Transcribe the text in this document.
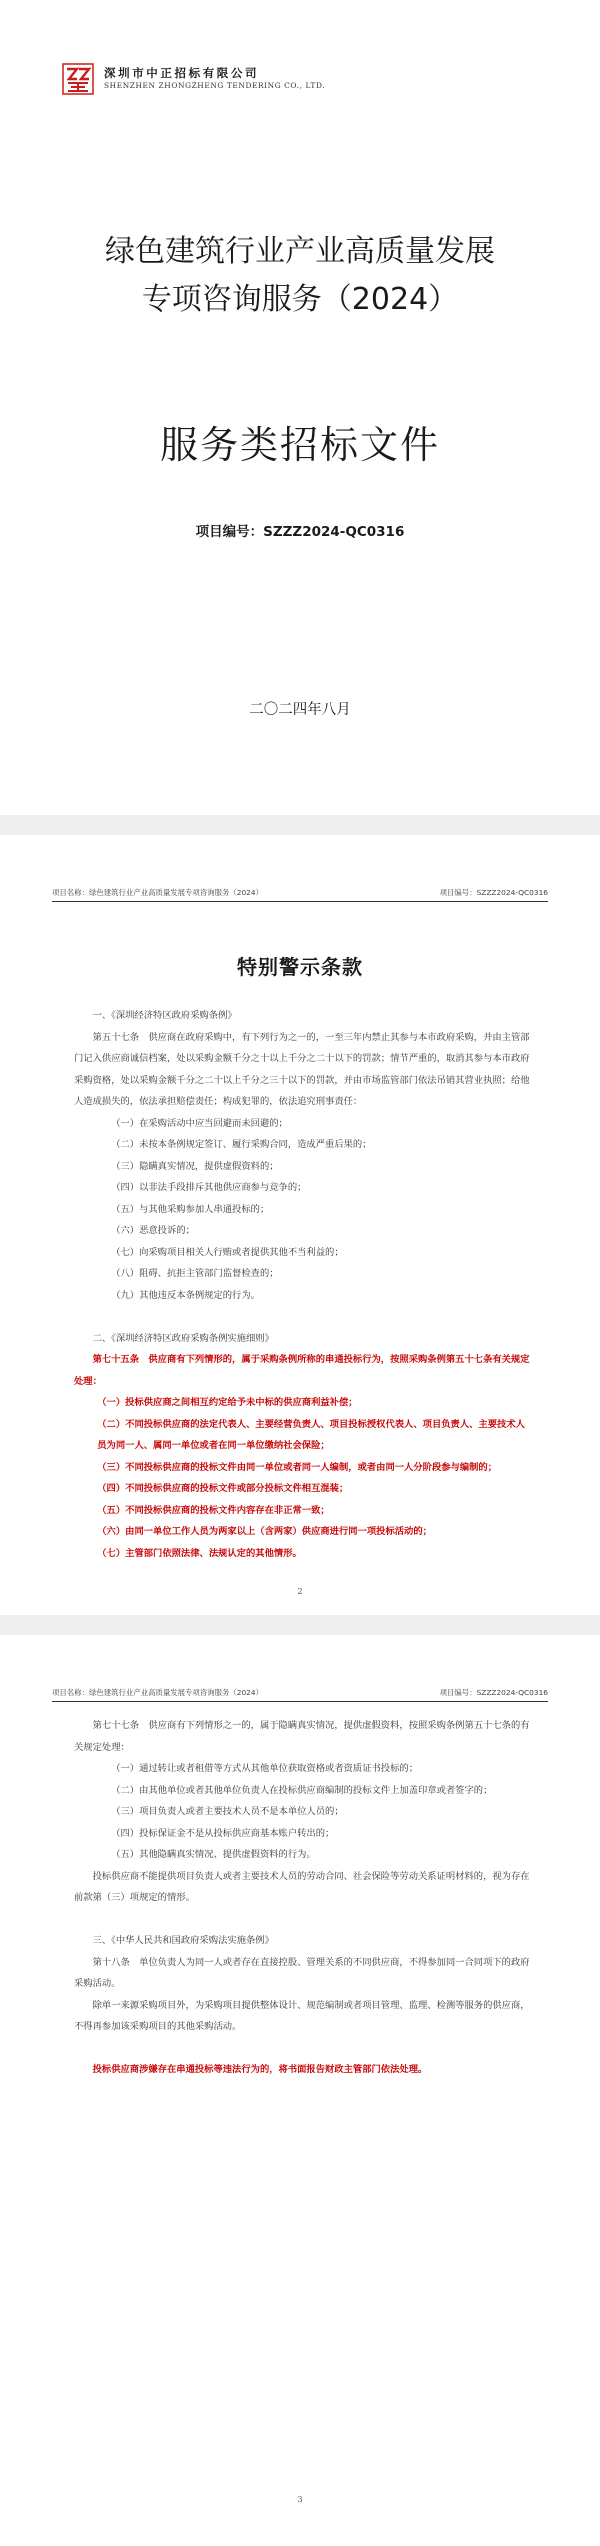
深圳市中正招标有限公司
SHENZHEN ZHONGZHENG TENDERING CO., LTD.
绿色建筑行业产业高质量发展
专项咨询服务（2024）
服务类招标文件
项目编号：SZZZ2024-QC0316
二〇二四年八月
项目名称：绿色建筑行业产业高质量发展专项咨询服务（2024）	项目编号：SZZZ2024-QC0316
特别警示条款

一、《深圳经济特区政府采购条例》

第五十七条　供应商在政府采购中，有下列行为之一的，一至三年内禁止其参与本市政府采购，并由主管部门记入供应商诚信档案，处以采购金额千分之十以上千分之二十以下的罚款；情节严重的，取消其参与本市政府采购资格，处以采购金额千分之二十以上千分之三十以下的罚款，并由市场监管部门依法吊销其营业执照；给他人造成损失的，依法承担赔偿责任；构成犯罪的，依法追究刑事责任：

（一）在采购活动中应当回避而未回避的；

（二）未按本条例规定签订、履行采购合同，造成严重后果的；

（三）隐瞒真实情况，提供虚假资料的；

（四）以非法手段排斥其他供应商参与竞争的；

（五）与其他采购参加人串通投标的；

（六）恶意投诉的；

（七）向采购项目相关人行贿或者提供其他不当利益的；

（八）阻碍、抗拒主管部门监督检查的；

（九）其他违反本条例规定的行为。

二、《深圳经济特区政府采购条例实施细则》

第七十五条　供应商有下列情形的，属于采购条例所称的串通投标行为，按照采购条例第五十七条有关规定处理：

（一）投标供应商之间相互约定给予未中标的供应商利益补偿；

（二）不同投标供应商的法定代表人、主要经营负责人、项目投标授权代表人、项目负责人、主要技术人员为同一人、属同一单位或者在同一单位缴纳社会保险；

（三）不同投标供应商的投标文件由同一单位或者同一人编制，或者由同一人分阶段参与编制的；

（四）不同投标供应商的投标文件或部分投标文件相互混装；

（五）不同投标供应商的投标文件内容存在非正常一致；

（六）由同一单位工作人员为两家以上（含两家）供应商进行同一项投标活动的；

（七）主管部门依照法律、法规认定的其他情形。

2
项目名称：绿色建筑行业产业高质量发展专项咨询服务（2024）	项目编号：SZZZ2024-QC0316

第七十七条　供应商有下列情形之一的，属于隐瞒真实情况，提供虚假资料，按照采购条例第五十七条的有关规定处理：

（一）通过转让或者租借等方式从其他单位获取资格或者资质证书投标的；

（二）由其他单位或者其他单位负责人在投标供应商编制的投标文件上加盖印章或者签字的；

（三）项目负责人或者主要技术人员不是本单位人员的；

（四）投标保证金不是从投标供应商基本账户转出的；

（五）其他隐瞒真实情况、提供虚假资料的行为。

投标供应商不能提供项目负责人或者主要技术人员的劳动合同、社会保险等劳动关系证明材料的，视为存在前款第（三）项规定的情形。

三、《中华人民共和国政府采购法实施条例》

第十八条　单位负责人为同一人或者存在直接控股、管理关系的不同供应商，不得参加同一合同项下的政府采购活动。

除单一来源采购项目外，为采购项目提供整体设计、规范编制或者项目管理、监理、检测等服务的供应商，不得再参加该采购项目的其他采购活动。

投标供应商涉嫌存在串通投标等违法行为的，将书面报告财政主管部门依法处理。

3
